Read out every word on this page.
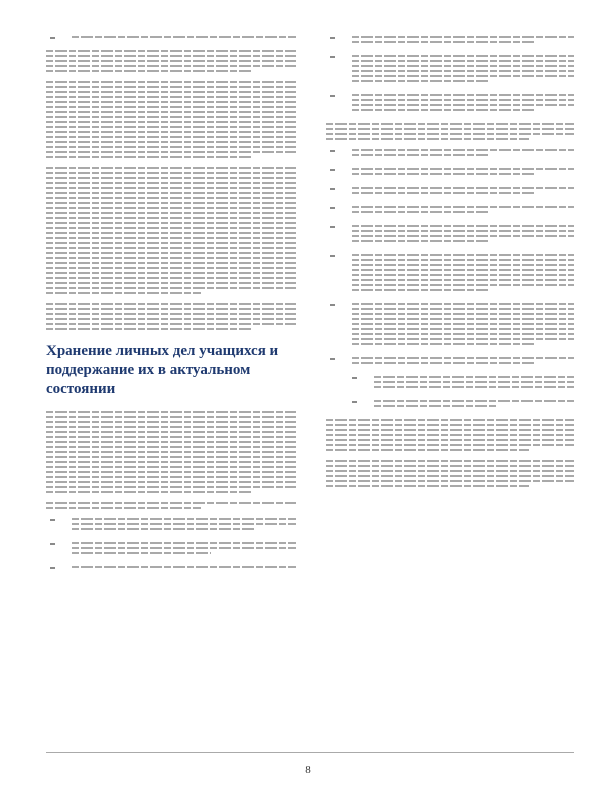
Хранение личных дел учащихся и поддержание их в актуальном состоянии
8
